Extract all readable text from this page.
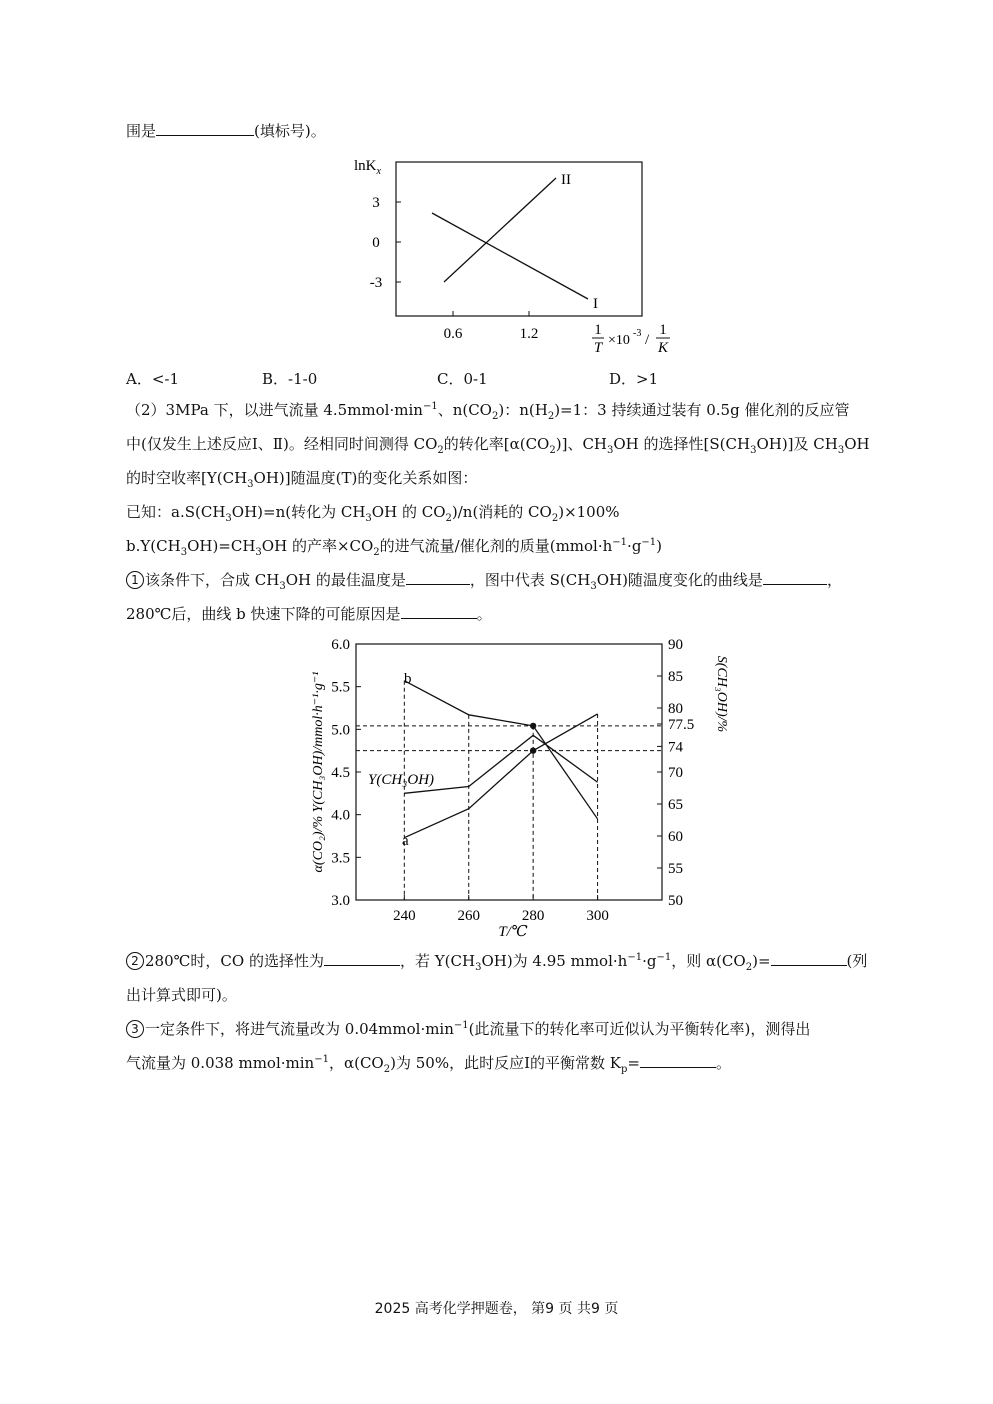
围是	(填标号)。
lnK$_x$
3
0
-3
0.6	1.2
II
I
1
T ×10 -3 /
1
K
A．<-1	B．-1-0	C．0-1	D．>1
（2）3MPa 下，以进气流量 $4.5mmol\cdot\min^{-1}$、$n(CO_2)$：$n(H_2)=1$：3 持续通过装有 0.5g 催化剂的反应管
中(仅发生上述反应Ⅰ、Ⅱ)。经相同时间测得 $CO_2$的转化率$[\alpha(CO_2)]$、$CH_3OH$ 的选择性$[S(CH_3OH)]$及 $CH_3OH$
的时空收率$[Y(CH_3OH)]$随温度(T)的变化关系如图：
已知：$a.S(CH_3OH)=n$(转化为 $CH_3OH$ 的 $CO_2)/n$(消耗的 $CO_2)\times 100\%$
$b.Y(CH_3OH)=CH_3OH$ 的产率$\times CO_2$的进气流量/催化剂的质量$(mmol\cdot h^{-1}\cdot g^{-1})$
1 该条件下，合成 $CH_3OH$ 的最佳温度是	，图中代表 $S(CH_3OH)$随温度变化的曲线是	，
280℃后，曲线 b 快速下降的可能原因是	。
3.0
3.5
4.0
4.5
5.0
5.5
6.0
50
55
60
65
70
74
77.5
80
85
90
240	260	280	300
T/℃
α(CO₂)/% Y(CH₃OH)/mmol·h⁻¹·g⁻¹	S(CH₃OH)/%
b
Y(CH₃OH)
a
2 280℃时，CO 的选择性为	，若 $Y(CH_3OH)$为 4.95 $mmol\cdot h^{-1}\cdot g^{-1}$，则 $\alpha(CO_2)=$	(列
出计算式即可)。
3 一定条件下，将进气流量改为 $0.04mmol\cdot\min^{-1}$(此流量下的转化率可近似认为平衡转化率)，测得出
气流量为 0.038 $mmol\cdot\min^{-1}$，$\alpha(CO_2)$为 50%，此时反应Ⅰ的平衡常数 $K_p=$	。
2025 高考化学押题卷， 第9 页 共9 页
